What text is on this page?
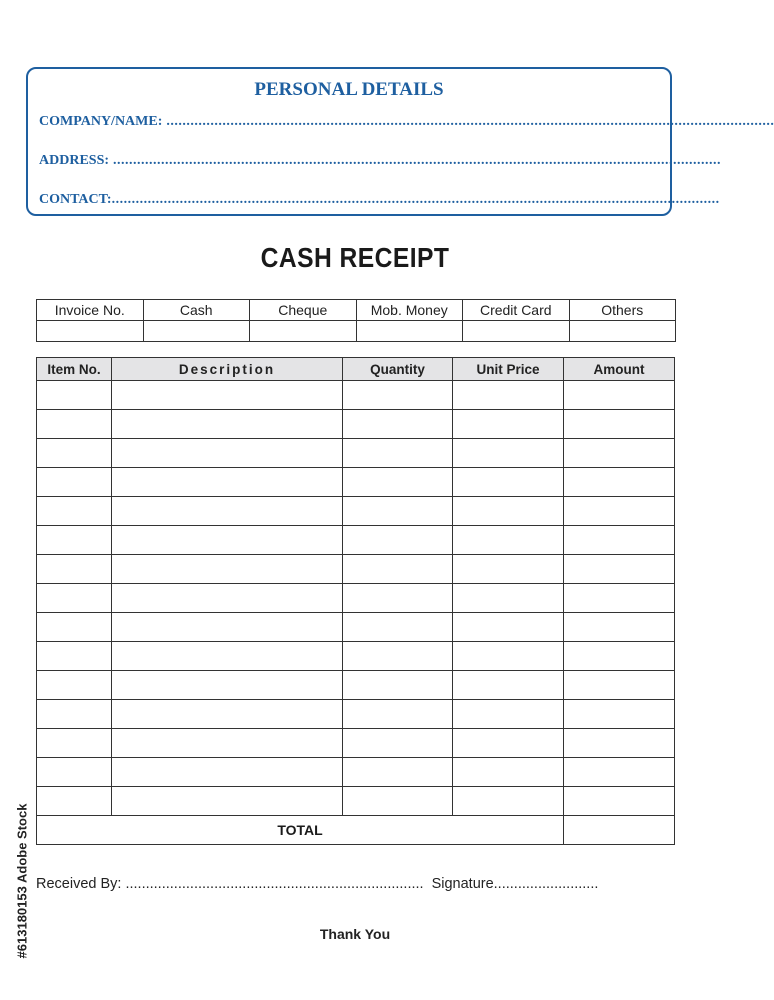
PERSONAL DETAILS
COMPANY/NAME: ........................................................................................................................................................
ADDRESS: ........................................................................................................................................................
CONTACT: ........................................................................................................................................................
CASH RECEIPT
Invoice No.	Cash	Cheque	Mob. Money	Credit Card	Others

Item No.	Description	Quantity	Unit Price	Amount

TOTAL				
Received By: .......................................................................... Signature..........................
Thank You
#613180153 Adobe Stock
